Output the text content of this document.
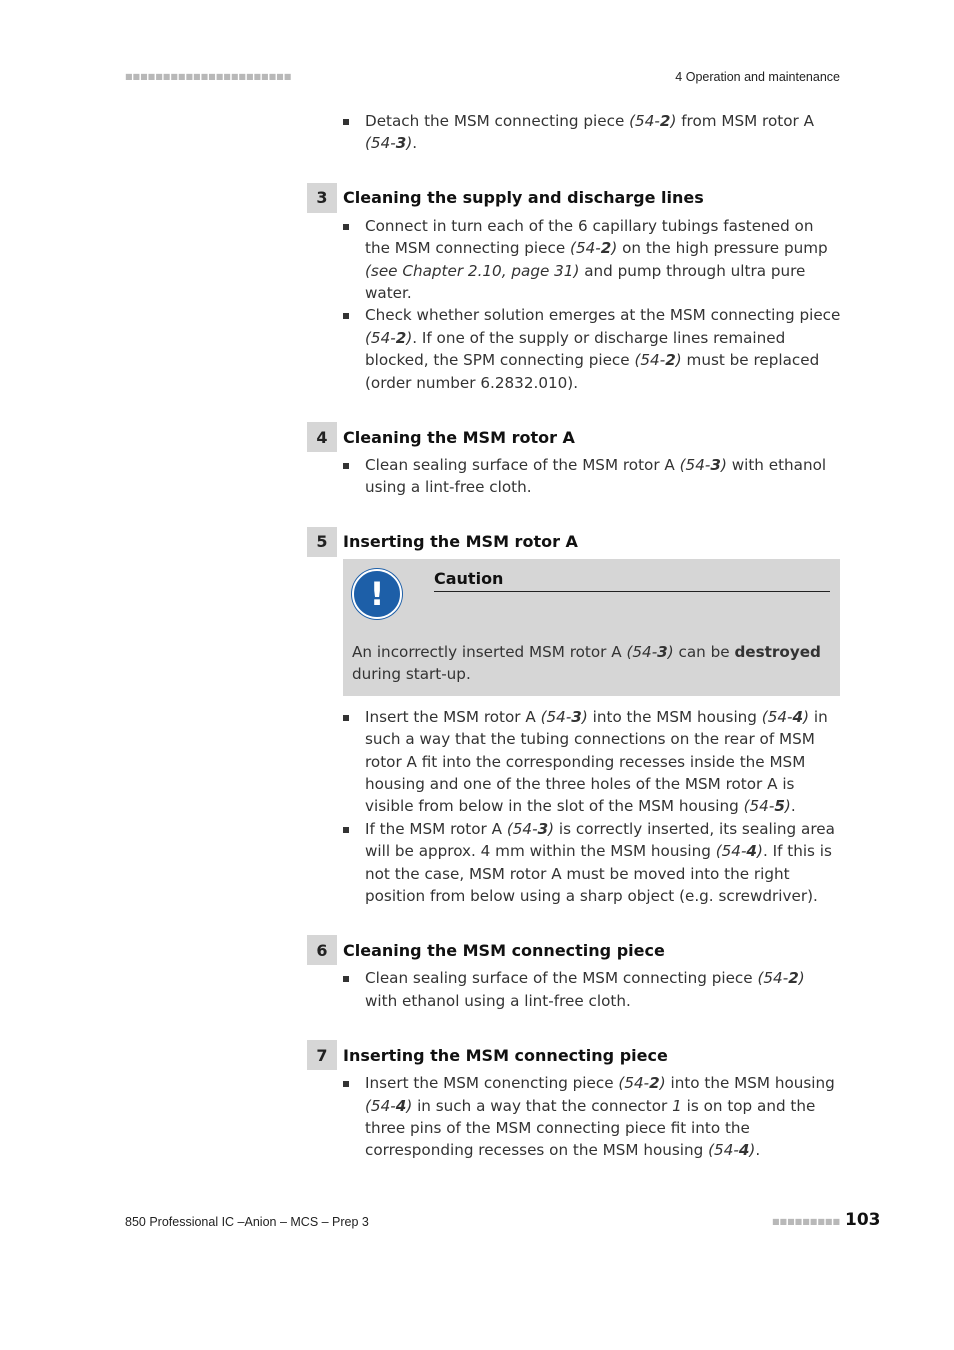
■■■■■■■■■■■■■■■■■■■■■■	4 Operation and maintenance
Detach the MSM connecting piece (54-2) from MSM rotor A (54-3).
3 Cleaning the supply and discharge lines
Connect in turn each of the 6 capillary tubings fastened on the MSM connecting piece (54-2) on the high pressure pump (see Chapter 2.10, page 31) and pump through ultra pure water.
Check whether solution emerges at the MSM connecting piece (54-2). If one of the supply or discharge lines remained blocked, the SPM connecting piece (54-2) must be replaced (order number 6.2832.010).
4 Cleaning the MSM rotor A
Clean sealing surface of the MSM rotor A (54-3) with ethanol using a lint-free cloth.
5 Inserting the MSM rotor A
!	Caution
An incorrectly inserted MSM rotor A (54-3) can be destroyed during start-up.
Insert the MSM rotor A (54-3) into the MSM housing (54-4) in such a way that the tubing connections on the rear of MSM rotor A fit into the corresponding recesses inside the MSM housing and one of the three holes of the MSM rotor A is visible from below in the slot of the MSM housing (54-5).
If the MSM rotor A (54-3) is correctly inserted, its sealing area will be approx. 4 mm within the MSM housing (54-4). If this is not the case, MSM rotor A must be moved into the right position from below using a sharp object (e.g. screwdriver).
6 Cleaning the MSM connecting piece
Clean sealing surface of the MSM connecting piece (54-2) with ethanol using a lint-free cloth.
7 Inserting the MSM connecting piece
Insert the MSM conencting piece (54-2) into the MSM housing (54-4) in such a way that the connector 1 is on top and the three pins of the MSM connecting piece fit into the corresponding recesses on the MSM housing (54-4).
850 Professional IC –Anion – MCS – Prep 3	■■■■■■■■■ 103
